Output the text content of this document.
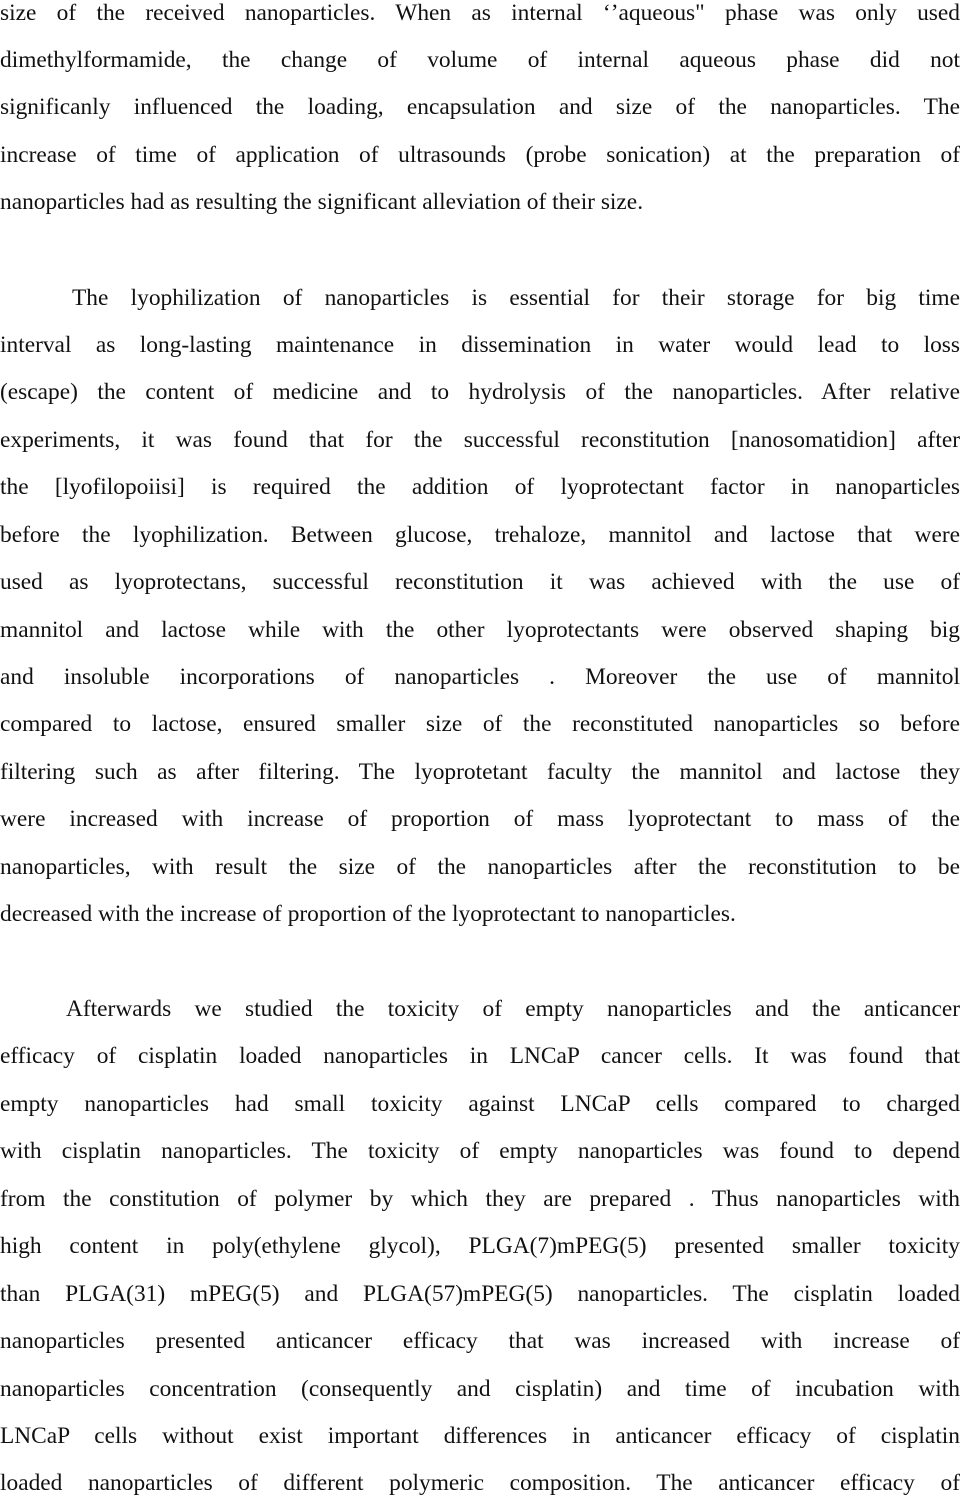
size of the received nanoparticles. When as internal ‘’aqueous" phase was only used
dimethylformamide, the change of volume of internal aqueous phase did not
significanly influenced the loading, encapsulation and size of the nanoparticles. The
increase of time of application of ultrasounds (probe sonication) at the preparation of
nanoparticles had as resulting the significant alleviation of their size.
The lyophilization of nanoparticles is essential for their storage for big time
interval as long-lasting maintenance in dissemination in water would lead to loss
(escape) the content of medicine and to hydrolysis of the nanoparticles. After relative
experiments, it was found that for the successful reconstitution [nanosomatidion] after
the [lyofilopoiisi] is required the addition of lyoprotectant factor in nanoparticles
before the lyophilization. Between glucose, trehaloze, mannitol and lactose that were
used as lyoprotectans, successful reconstitution it was achieved with the use of
mannitol and lactose while with the other lyoprotectants were observed shaping big
and insoluble incorporations of nanoparticles . Moreover the use of mannitol
compared to lactose, ensured smaller size of the reconstituted nanoparticles so before
filtering such as after filtering. The lyoprotetant faculty the mannitol and lactose they
were increased with increase of proportion of mass lyoprotectant to mass of the
nanoparticles, with result the size of the nanoparticles after the reconstitution to be
decreased with the increase of proportion of the lyoprotectant to nanoparticles.
Afterwards we studied the toxicity of empty nanoparticles and the anticancer
efficacy of cisplatin loaded nanoparticles in LNCaP cancer cells. It was found that
empty nanoparticles had small toxicity against LNCaP cells compared to charged
with cisplatin nanoparticles. The toxicity of empty nanoparticles was found to depend
from the constitution of polymer by which they are prepared . Thus nanoparticles with
high content in poly(ethylene glycol), PLGA(7)mPEG(5) presented smaller toxicity
than PLGA(31) mPEG(5) and PLGA(57)mPEG(5) nanoparticles. The cisplatin loaded
nanoparticles presented anticancer efficacy that was increased with increase of
nanoparticles concentration (consequently and cisplatin) and time of incubation with
LNCaP cells without exist important differences in anticancer efficacy of cisplatin
loaded nanoparticles of different polymeric composition. The anticancer efficacy of
